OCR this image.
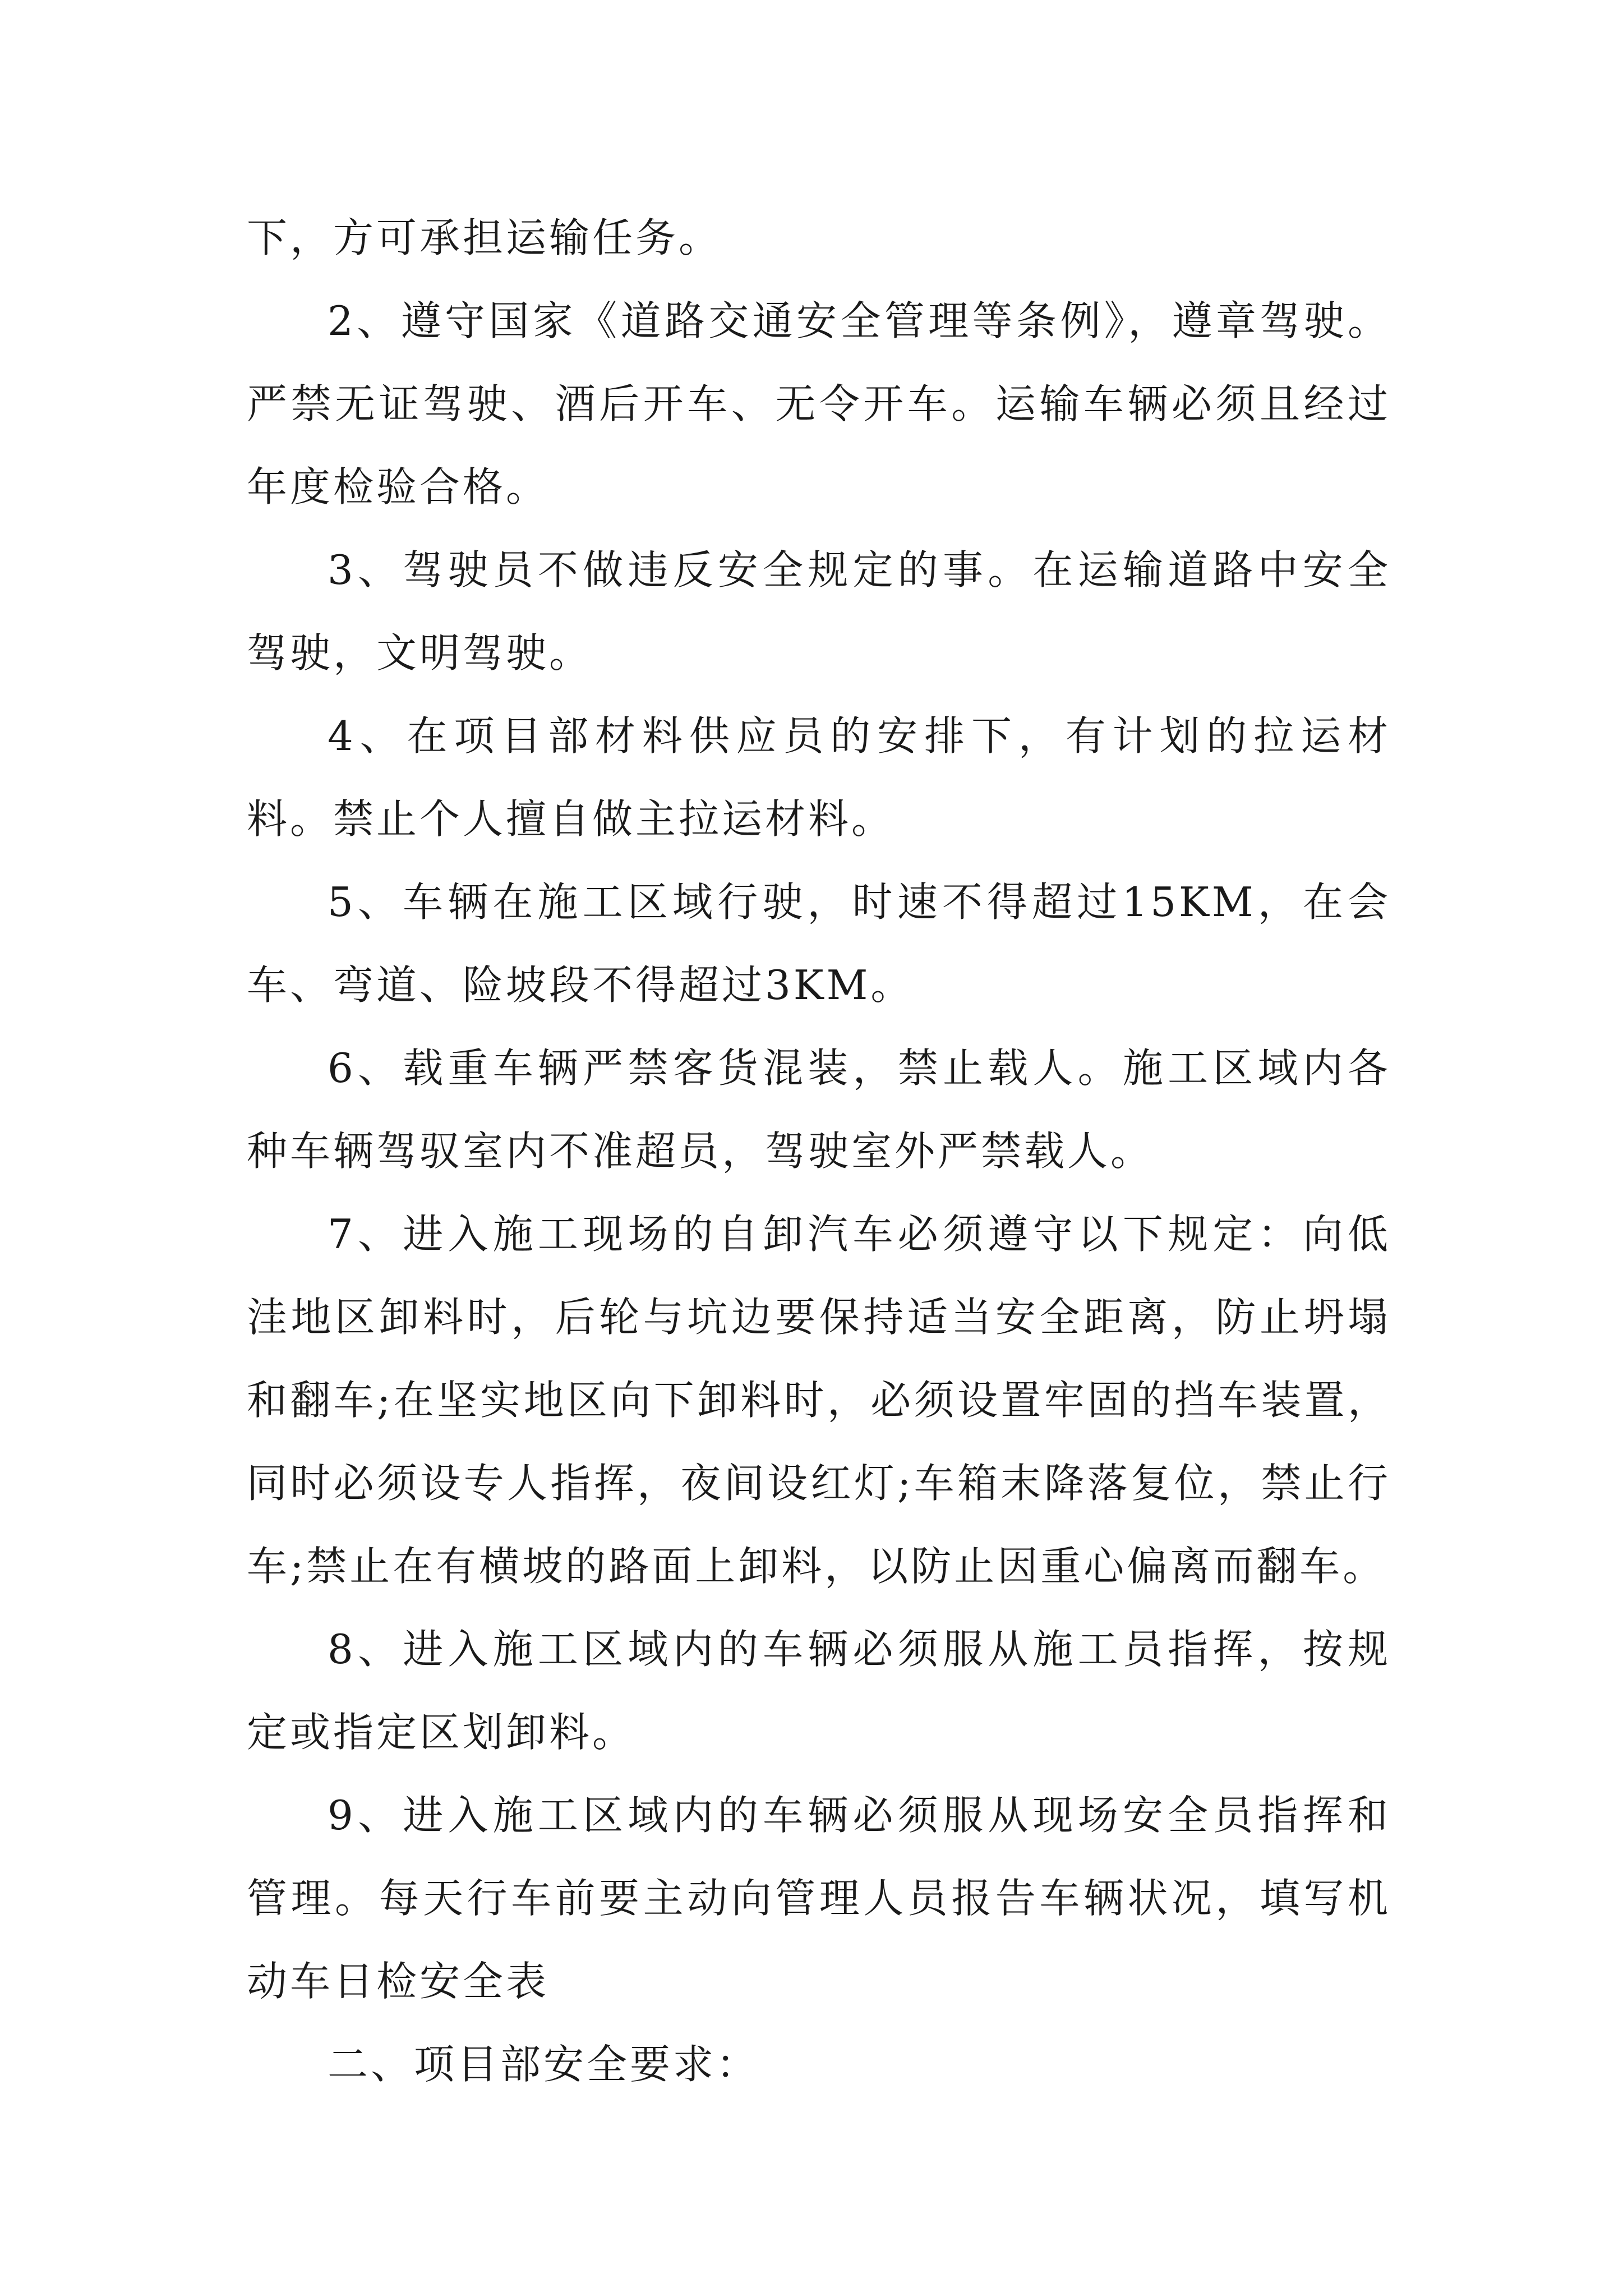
下，方可承担运输任务。

2、遵守国家《道路交通安全管理等条例》，遵章驾驶。严禁无证驾驶、酒后开车、无令开车。运输车辆必须且经过年度检验合格。

3、驾驶员不做违反安全规定的事。在运输道路中安全驾驶，文明驾驶。

4、在项目部材料供应员的安排下，有计划的拉运材料。禁止个人擅自做主拉运材料。

5、车辆在施工区域行驶，时速不得超过15KM，在会车、弯道、险坡段不得超过3KM。

6、载重车辆严禁客货混装，禁止载人。施工区域内各种车辆驾驭室内不准超员，驾驶室外严禁载人。

7、进入施工现场的自卸汽车必须遵守以下规定：向低洼地区卸料时，后轮与坑边要保持适当安全距离，防止坍塌和翻车;在坚实地区向下卸料时，必须设置牢固的挡车装置，同时必须设专人指挥，夜间设红灯;车箱末降落复位，禁止行车;禁止在有横坡的路面上卸料，以防止因重心偏离而翻车。

8、进入施工区域内的车辆必须服从施工员指挥，按规定或指定区划卸料。

9、进入施工区域内的车辆必须服从现场安全员指挥和管理。每天行车前要主动向管理人员报告车辆状况，填写机动车日检安全表

二、项目部安全要求：
